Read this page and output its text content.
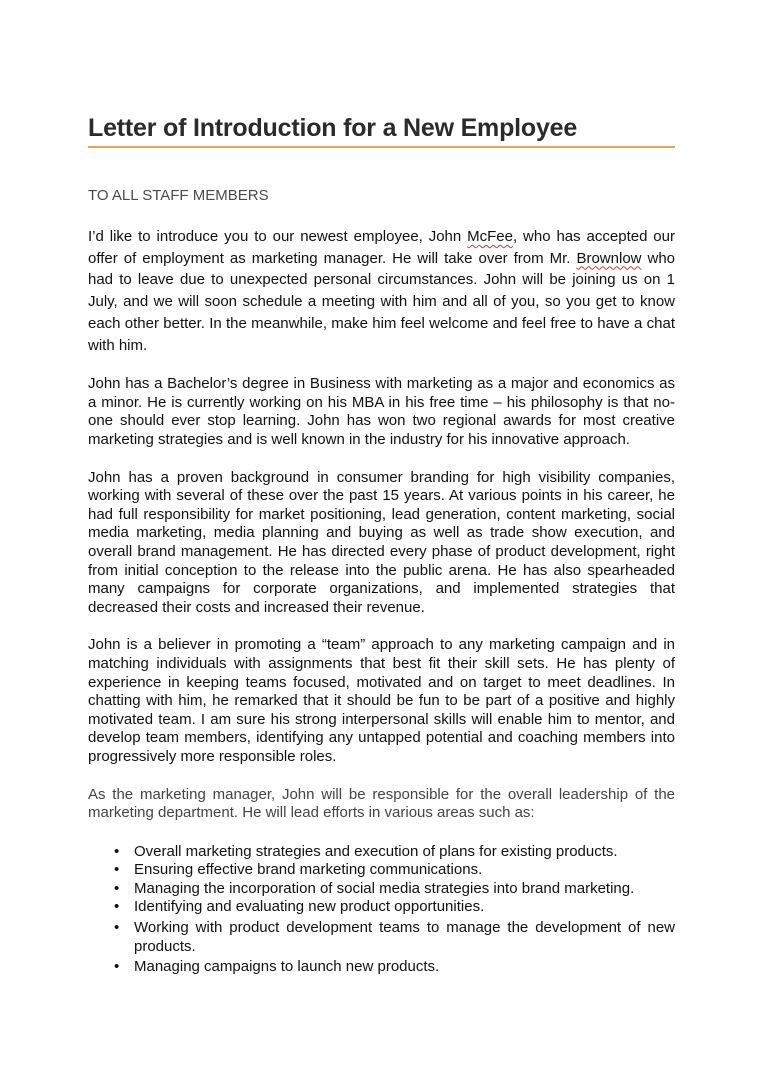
Letter of Introduction for a New Employee

TO ALL STAFF MEMBERS

I’d like to introduce you to our newest employee, John McFee, who has accepted our offer of employment as marketing manager. He will take over from Mr. Brownlow who had to leave due to unexpected personal circumstances. John will be joining us on 1 July, and we will soon schedule a meeting with him and all of you, so you get to know each other better. In the meanwhile, make him feel welcome and feel free to have a chat with him.

John has a Bachelor’s degree in Business with marketing as a major and economics as a minor. He is currently working on his MBA in his free time – his philosophy is that no-one should ever stop learning. John has won two regional awards for most creative marketing strategies and is well known in the industry for his innovative approach.

John has a proven background in consumer branding for high visibility companies, working with several of these over the past 15 years. At various points in his career, he had full responsibility for market positioning, lead generation, content marketing, social media marketing, media planning and buying as well as trade show execution, and overall brand management. He has directed every phase of product development, right from initial conception to the release into the public arena. He has also spearheaded many campaigns for corporate organizations, and implemented strategies that decreased their costs and increased their revenue.

John is a believer in promoting a “team” approach to any marketing campaign and in matching individuals with assignments that best fit their skill sets. He has plenty of experience in keeping teams focused, motivated and on target to meet deadlines. In chatting with him, he remarked that it should be fun to be part of a positive and highly motivated team. I am sure his strong interpersonal skills will enable him to mentor, and develop team members, identifying any untapped potential and coaching members into progressively more responsible roles.

As the marketing manager, John will be responsible for the overall leadership of the marketing department. He will lead efforts in various areas such as:

• Overall marketing strategies and execution of plans for existing products.
• Ensuring effective brand marketing communications.
• Managing the incorporation of social media strategies into brand marketing.
• Identifying and evaluating new product opportunities.
• Working with product development teams to manage the development of new products.
• Managing campaigns to launch new products.
